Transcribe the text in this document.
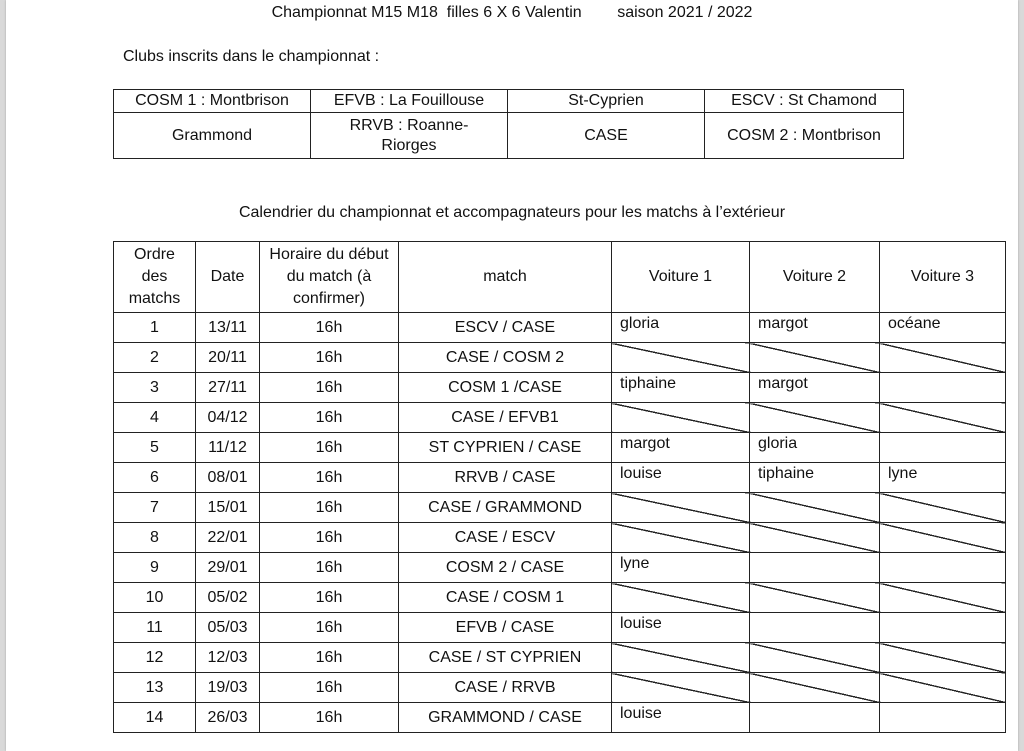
Championnat M15 M18  filles 6 X 6 Valentin        saison 2021 / 2022
Clubs inscrits dans le championnat :
COSM 1 : Montbrison	EFVB : La Fouillouse	St-Cyprien	ESCV : St Chamond
Grammond	RRVB : Roanne-Riorges	CASE	COSM 2 : Montbrison
Calendrier du championnat et accompagnateurs pour les matchs à l’extérieur
Ordre des matchs	Date	Horaire du début du match (à confirmer)	match	Voiture 1	Voiture 2	Voiture 3
1	13/11	16h	ESCV / CASE	gloria	margot	océane
2	20/11	16h	CASE / COSM 2			
3	27/11	16h	COSM 1 /CASE	tiphaine	margot	
4	04/12	16h	CASE / EFVB1			
5	11/12	16h	ST CYPRIEN / CASE	margot	gloria	
6	08/01	16h	RRVB / CASE	louise	tiphaine	lyne
7	15/01	16h	CASE / GRAMMOND			
8	22/01	16h	CASE / ESCV			
9	29/01	16h	COSM 2 / CASE	lyne		
10	05/02	16h	CASE / COSM 1			
11	05/03	16h	EFVB / CASE	louise		
12	12/03	16h	CASE / ST CYPRIEN			
13	19/03	16h	CASE / RRVB			
14	26/03	16h	GRAMMOND / CASE	louise		
